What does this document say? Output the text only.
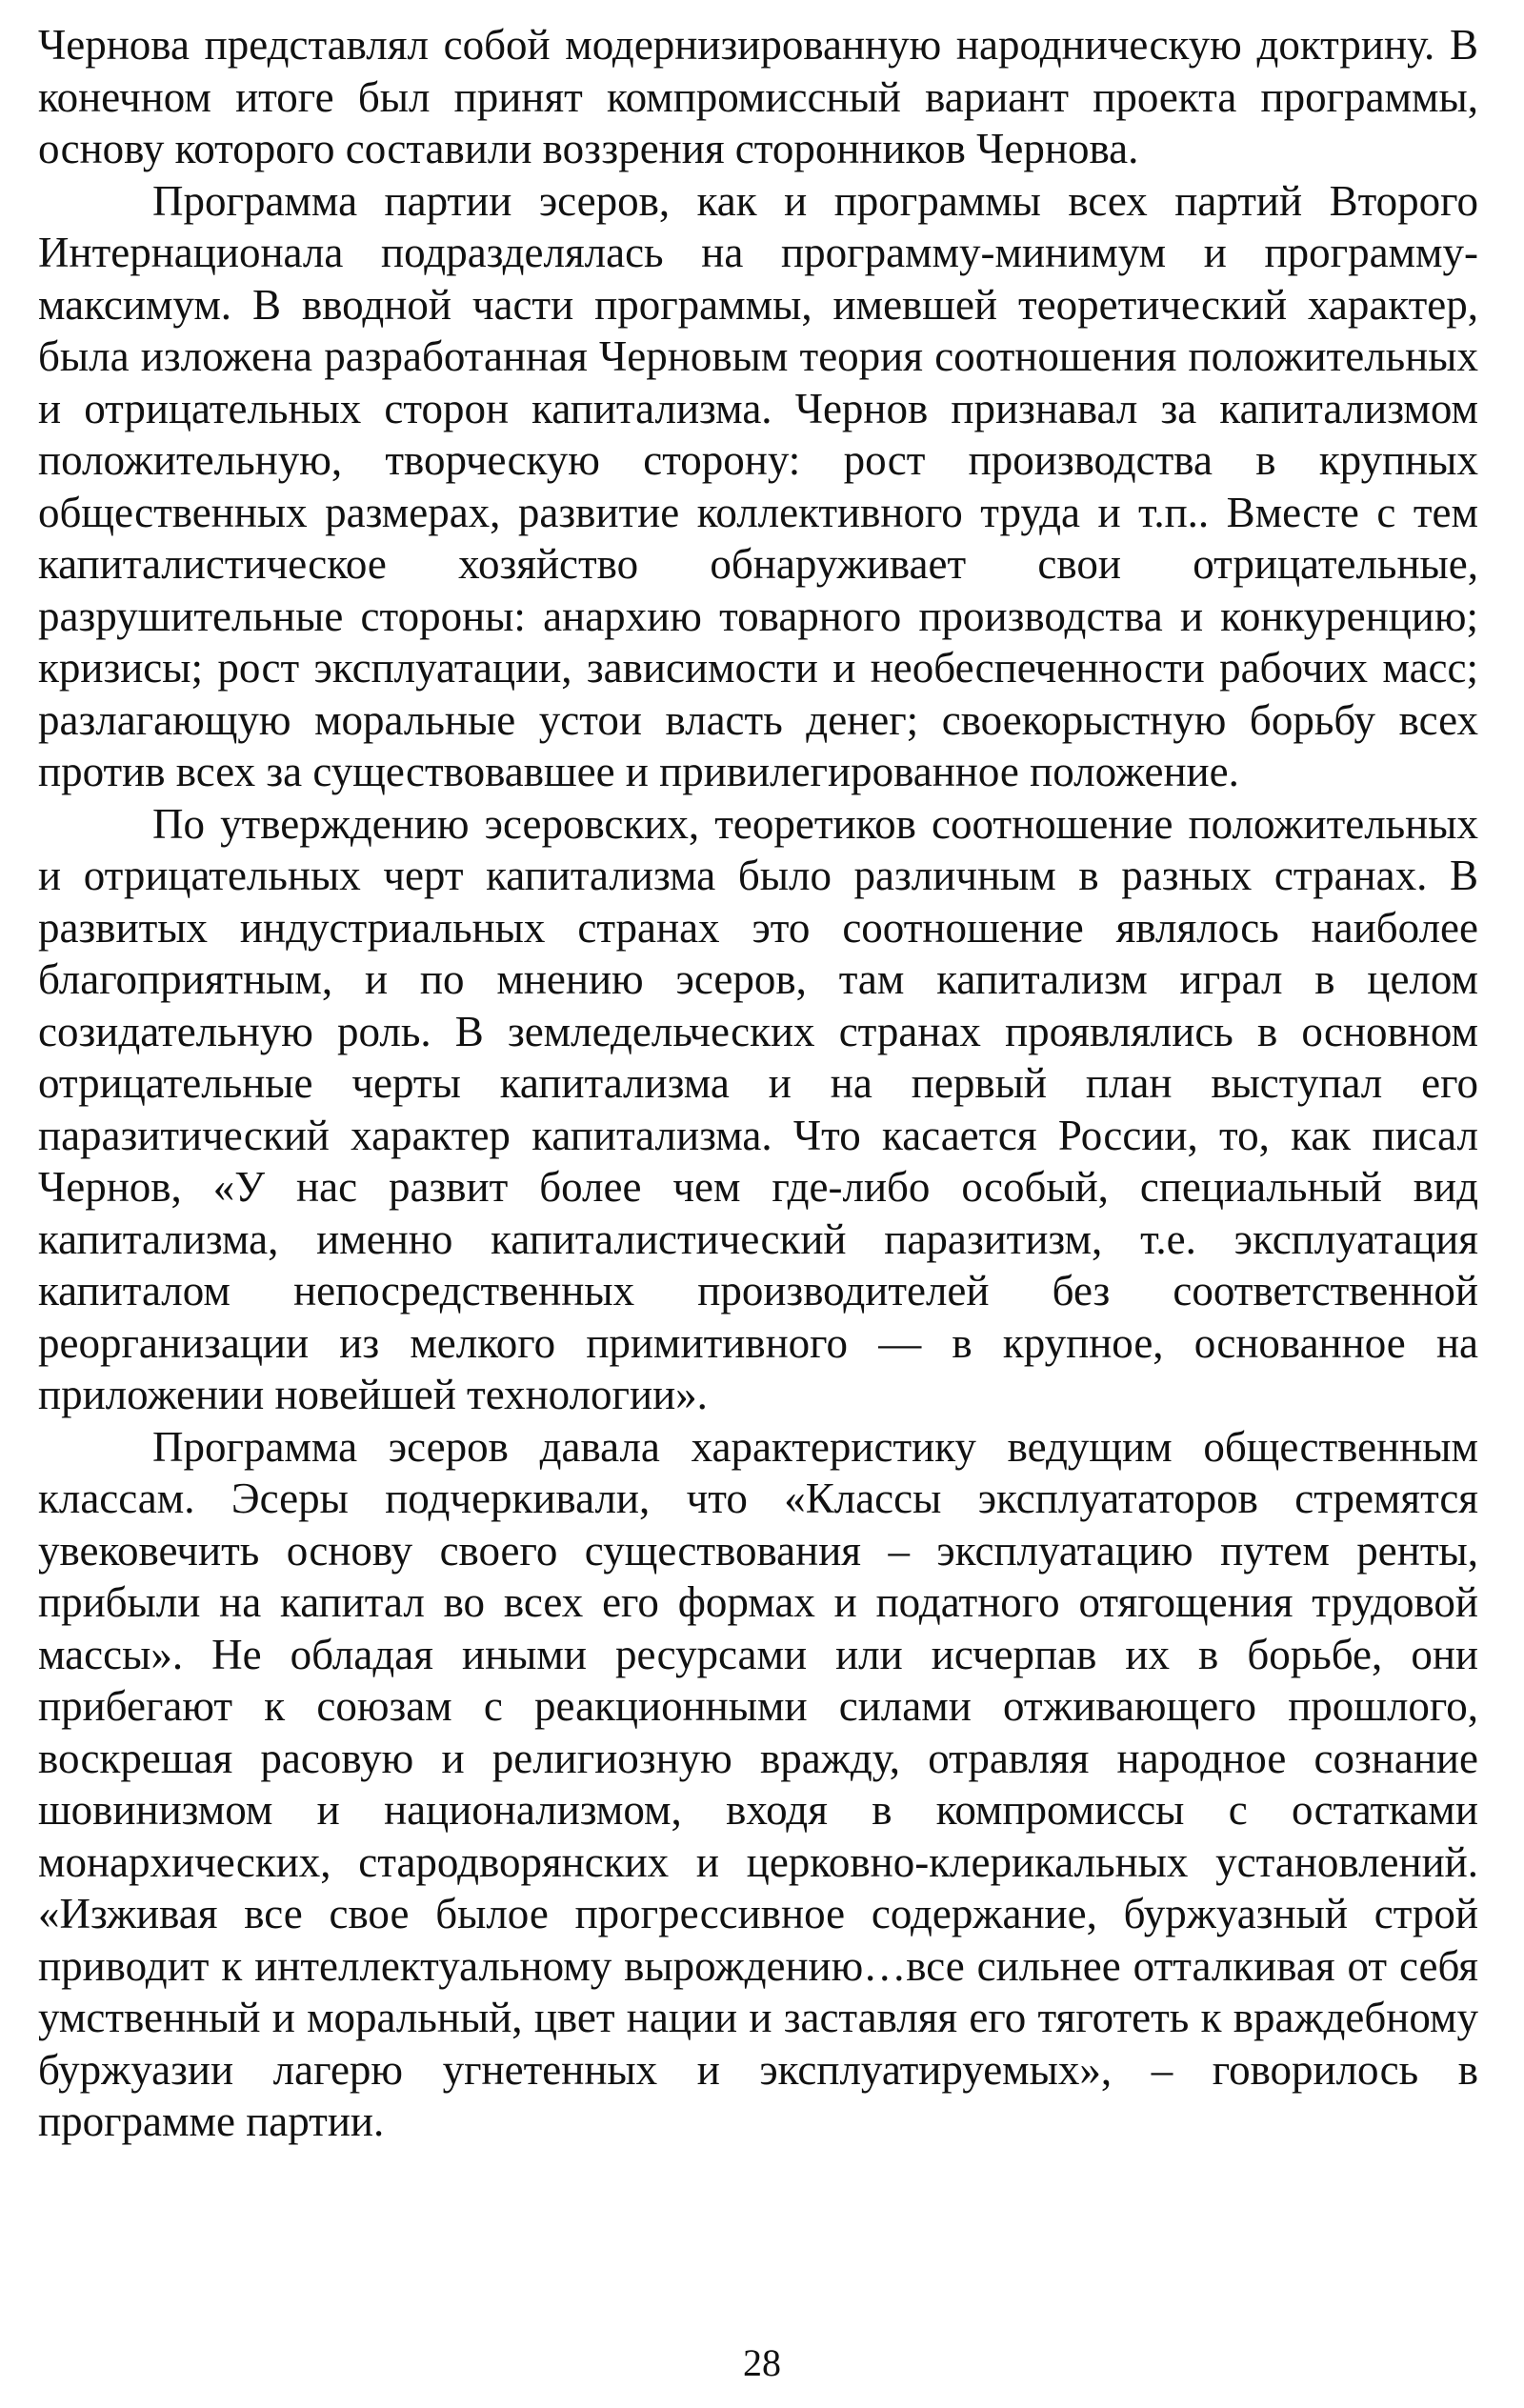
Чернова представлял собой модернизированную народническую доктрину. В конечном итоге был принят компромиссный вариант проекта программы, основу которого составили воззрения сторонников Чернова.

Программа партии эсеров, как и программы всех партий Второго Интернационала подразделялась на программу-минимум и программу-максимум. В вводной части программы, имевшей теоретический характер, была изложена разработанная Черновым теория соотношения положительных и отрицательных сторон капитализма. Чернов признавал за капитализмом положительную, творческую сторону: рост производства в крупных общественных размерах, развитие коллективного труда и т.п.. Вместе с тем капиталистическое хозяйство обнаруживает свои отрицательные, разрушительные стороны: анархию товарного производства и конкуренцию; кризисы; рост эксплуатации, зависимости и необеспеченности рабочих масс; разлагающую моральные устои власть денег; своекорыстную борьбу всех против всех за существовавшее и привилегированное положение.

По утверждению эсеровских, теоретиков соотношение положительных и отрицательных черт капитализма было различным в разных странах. В развитых индустриальных странах это соотношение являлось наиболее благоприятным, и по мнению эсеров, там капитализм играл в целом созидательную роль. В земледельческих странах проявлялись в основном отрицательные черты капитализма и на первый план выступал его паразитический характер капитализма. Что касается России, то, как писал Чернов, «У нас развит более чем где-либо особый, специальный вид капитализма, именно капиталистический паразитизм, т.е. эксплуатация капиталом непосредственных производителей без соответственной реорганизации из мелкого примитивного — в крупное, основанное на приложении новейшей технологии».

Программа эсеров давала характеристику ведущим общественным классам. Эсеры подчеркивали, что «Классы эксплуататоров стремятся увековечить основу своего существования – эксплуатацию путем ренты, прибыли на капитал во всех его формах и податного отягощения трудовой массы». Не обладая иными ресурсами или исчерпав их в борьбе, они прибегают к союзам с реакционными силами отживающего прошлого, воскрешая расовую и религиозную вражду, отравляя народное сознание шовинизмом и национализмом, входя в компромиссы с остатками монархических, стародворянских и церковно-клерикальных установлений. «Изживая все свое былое прогрессивное содержание, буржуазный строй приводит к интеллектуальному вырождению…все сильнее отталкивая от себя умственный и моральный, цвет нации и заставляя его тяготеть к враждебному буржуазии лагерю угнетенных и эксплуатируемых», – говорилось в программе партии.

28
